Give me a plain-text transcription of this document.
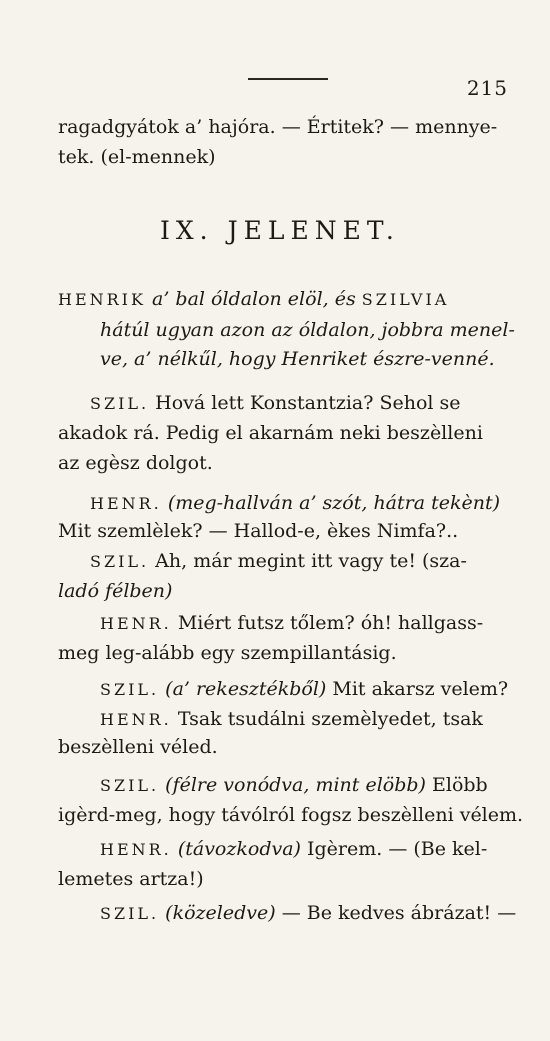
215
ragadgyátok a’ hajóra. — Értitek? — mennye-
tek. (el-mennek)
IX. JELENET.
HENRIK a’ bal óldalon elöl, és SZILVIA
hátúl ugyan azon az óldalon, jobbra menel-
ve, a’ nélkűl, hogy Henriket észre-venné.
SZIL. Hová lett Konstantzia? Sehol se
akadok rá. Pedig el akarnám neki beszèlleni
az egèsz dolgot.
HENR. (meg-hallván a’ szót, hátra tekènt)
Mit szemlèlek? — Hallod-e, èkes Nimfa?..
SZIL. Ah, már megint itt vagy te! (sza-
ladó félben)
HENR. Miért futsz tőlem? óh! hallgass-
meg leg-alább egy szempillantásig.
SZIL. (a’ rekesztékből) Mit akarsz velem?
HENR. Tsak tsudálni szemèlyedet, tsak
beszèlleni véled.
SZIL. (félre vonódva, mint elöbb) Elöbb
igèrd-meg, hogy távólról fogsz beszèlleni vélem.
HENR. (távozkodva) Igèrem. — (Be kel-
lemetes artza!)
SZIL. (közeledve) — Be kedves ábrázat! —
